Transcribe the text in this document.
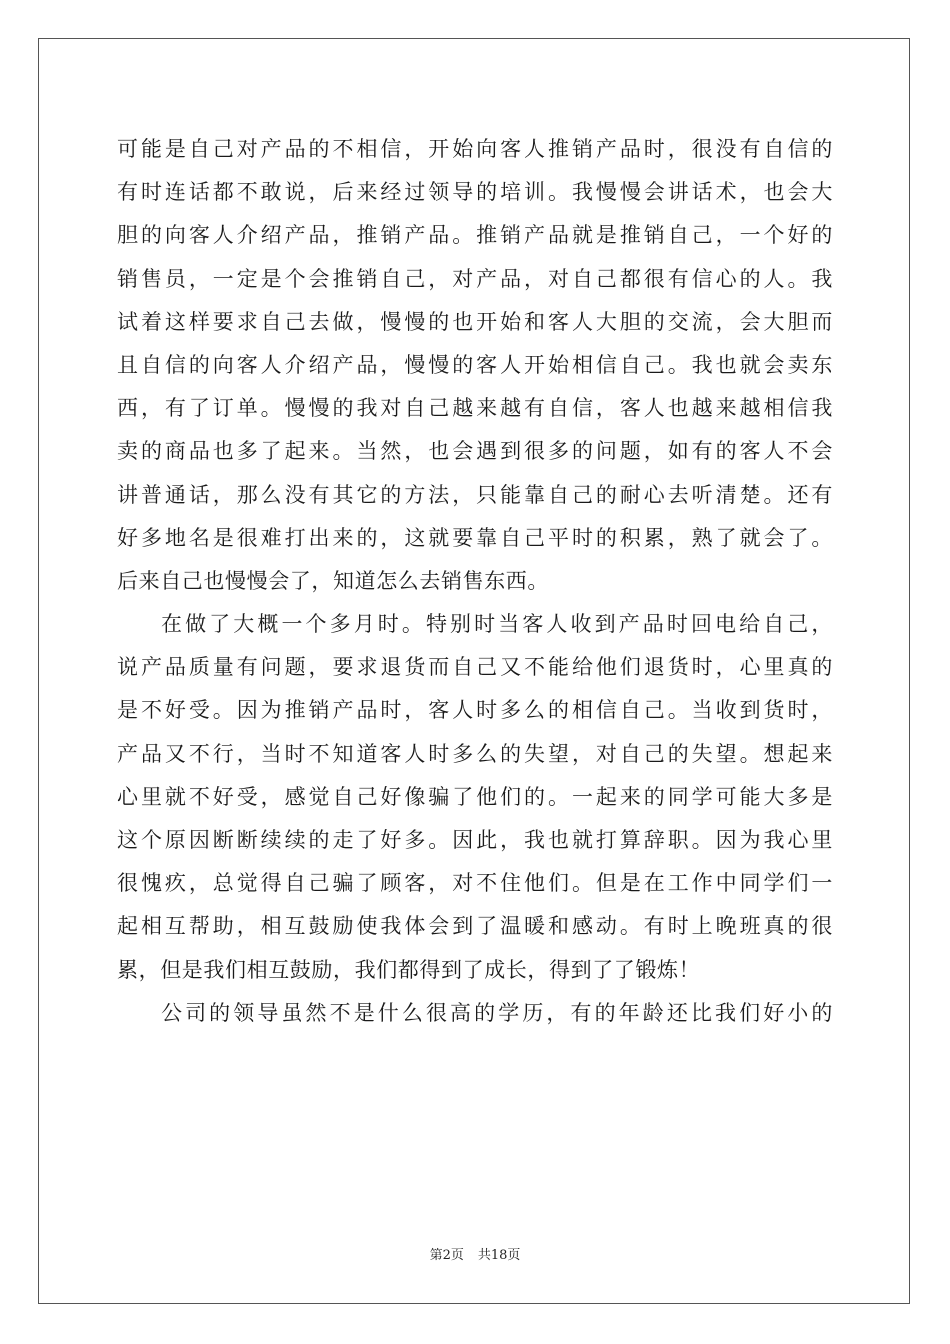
可能是自己对产品的不相信，开始向客人推销产品时，很没有自信的
有时连话都不敢说，后来经过领导的培训。我慢慢会讲话术，也会大
胆的向客人介绍产品，推销产品。推销产品就是推销自己，一个好的
销售员，一定是个会推销自己，对产品，对自己都很有信心的人。我
试着这样要求自己去做，慢慢的也开始和客人大胆的交流，会大胆而
且自信的向客人介绍产品，慢慢的客人开始相信自己。我也就会卖东
西，有了订单。慢慢的我对自己越来越有自信，客人也越来越相信我
卖的商品也多了起来。当然，也会遇到很多的问题，如有的客人不会
讲普通话，那么没有其它的方法，只能靠自己的耐心去听清楚。还有
好多地名是很难打出来的，这就要靠自己平时的积累，熟了就会了。
后来自己也慢慢会了，知道怎么去销售东西。
在做了大概一个多月时。特别时当客人收到产品时回电给自己，
说产品质量有问题，要求退货而自己又不能给他们退货时，心里真的
是不好受。因为推销产品时，客人时多么的相信自己。当收到货时，
产品又不行，当时不知道客人时多么的失望，对自己的失望。想起来
心里就不好受，感觉自己好像骗了他们的。一起来的同学可能大多是
这个原因断断续续的走了好多。因此，我也就打算辞职。因为我心里
很愧疚，总觉得自己骗了顾客，对不住他们。但是在工作中同学们一
起相互帮助，相互鼓励使我体会到了温暖和感动。有时上晚班真的很
累，但是我们相互鼓励，我们都得到了成长，得到了了锻炼！
公司的领导虽然不是什么很高的学历，有的年龄还比我们好小的
第2页 共18页
